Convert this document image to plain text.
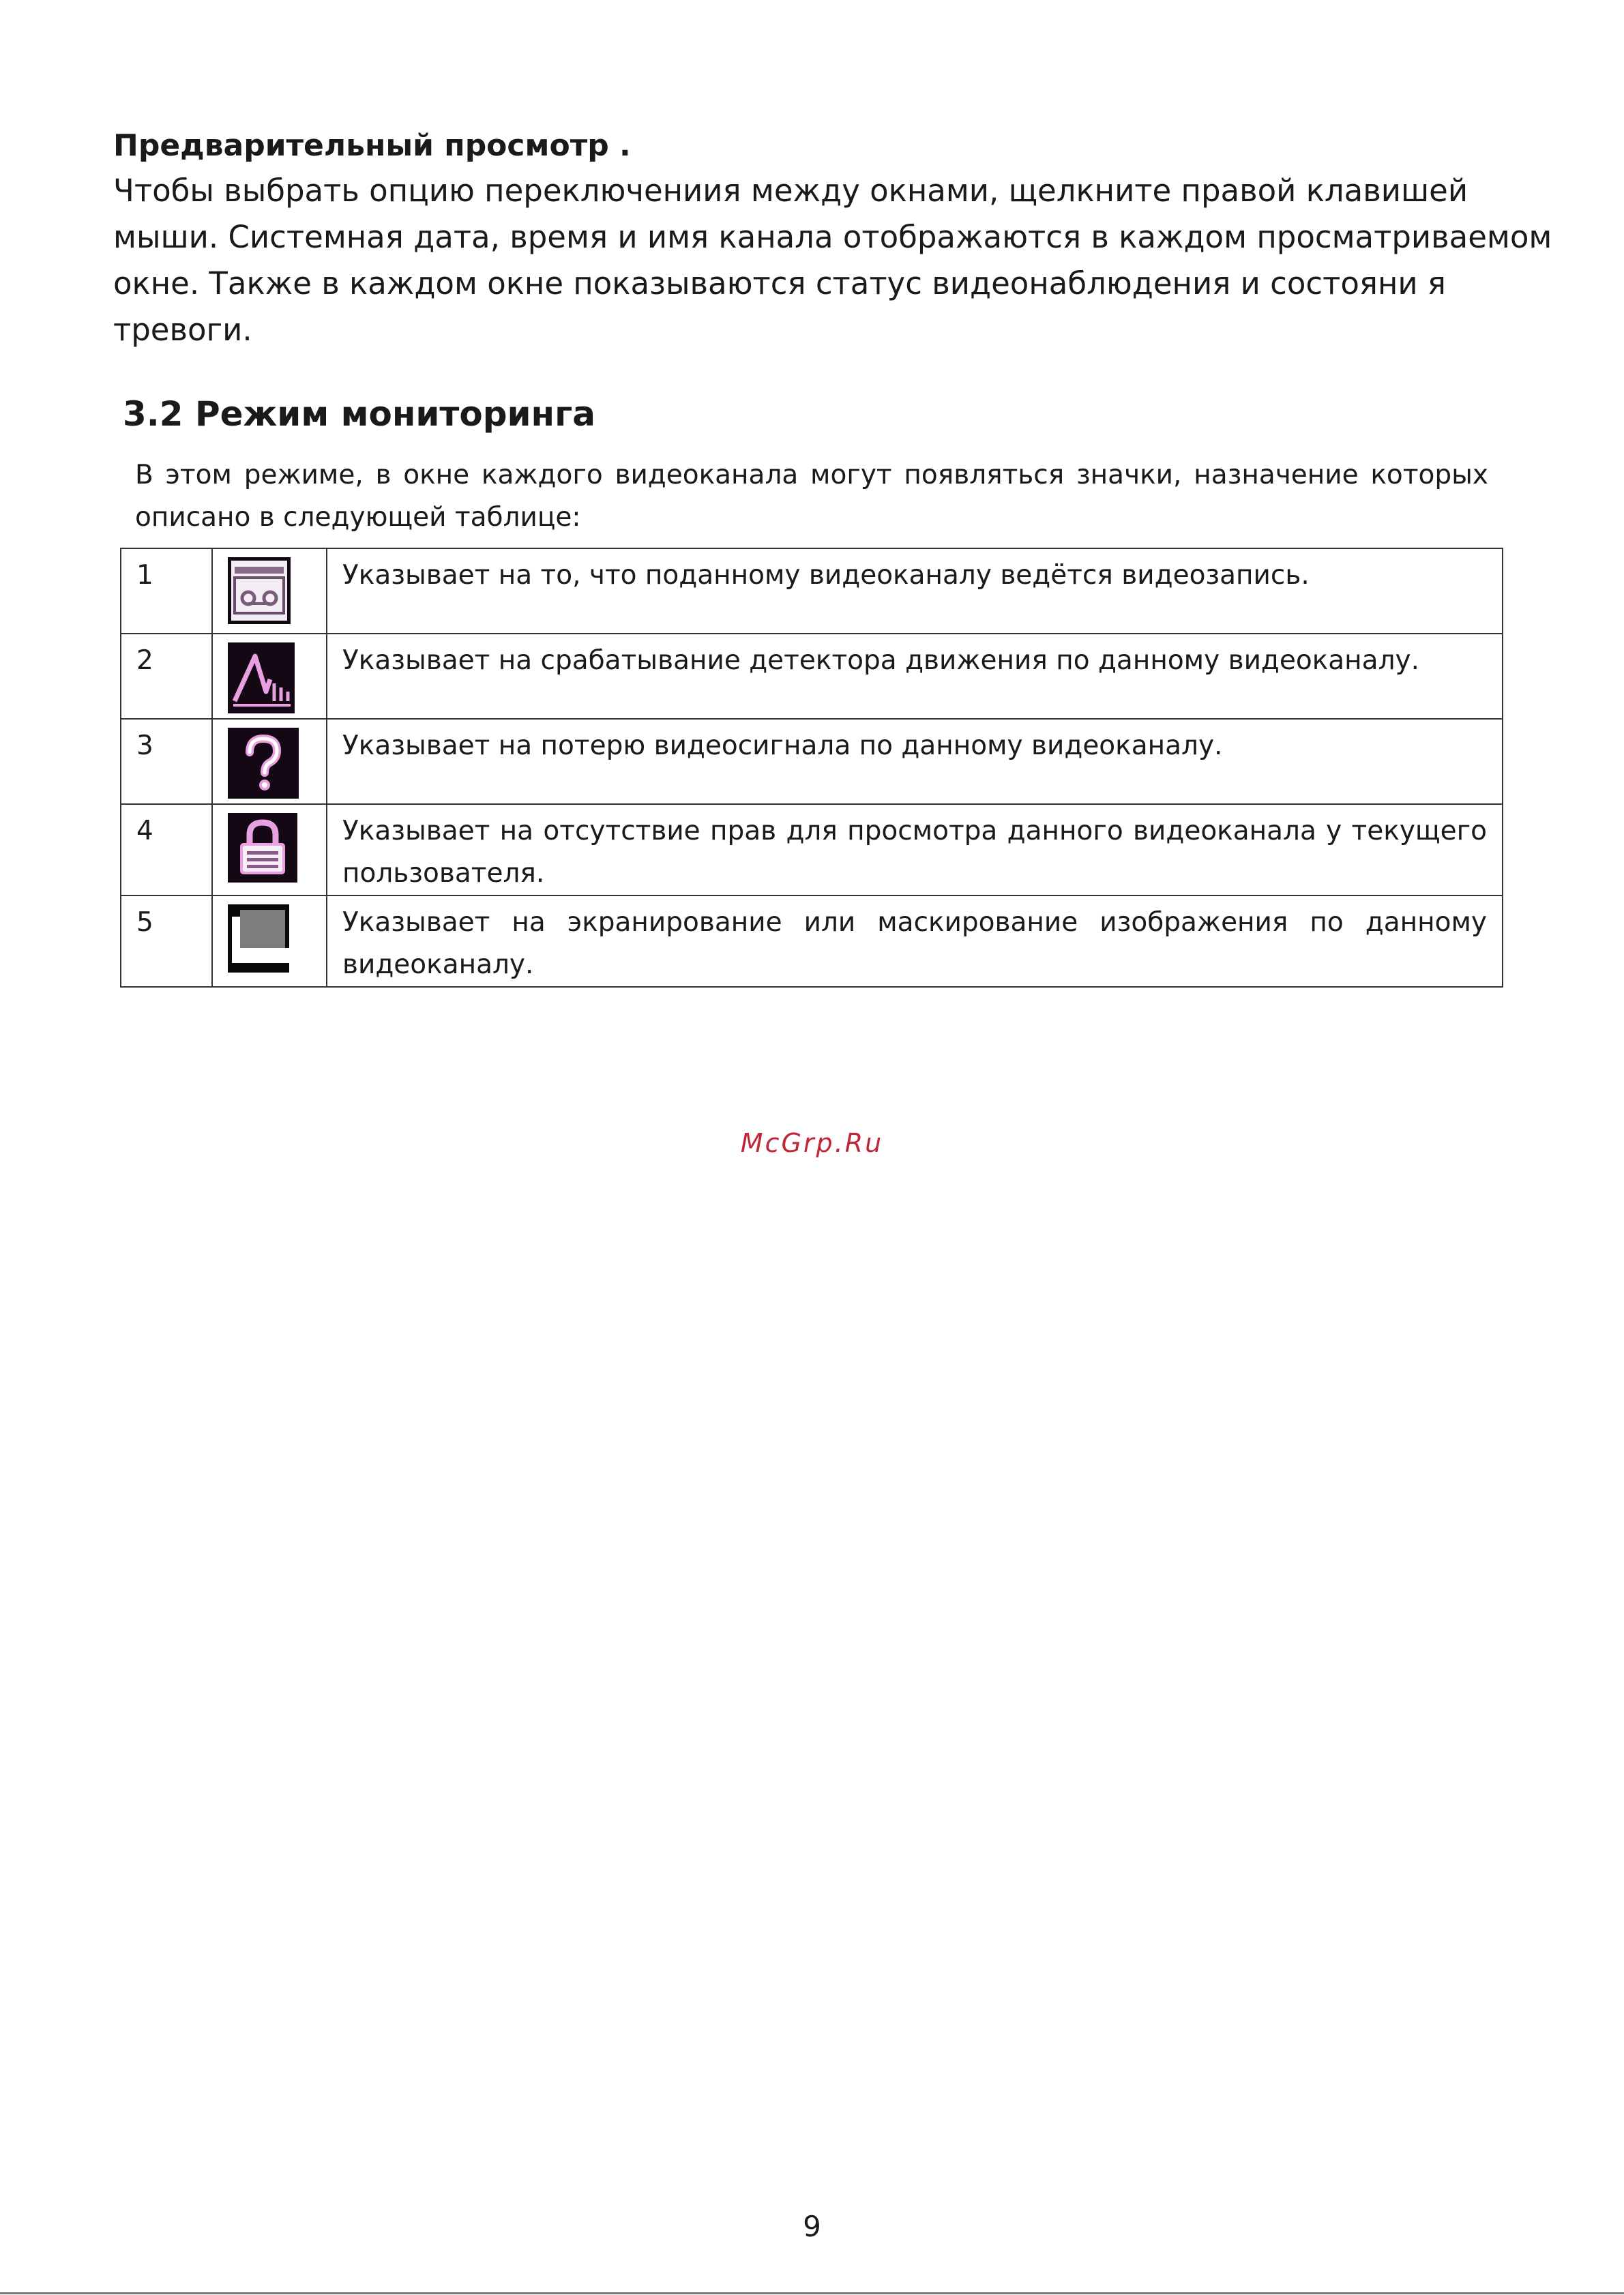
Предварительный просмотр .

Чтобы выбрать опцию переключениия между окнами, щелкните правой клавишей мыши. Системная дата, время и имя канала отображаются в каждом просматриваемом окне. Также в каждом окне показываются статус видеонаблюдения и состояни я тревоги.

3.2 Режим мониторинга

В этом режиме, в окне каждого видеоканала могут появляться значки, назначение которых описано в следующей таблице:

1		Указывает на то, что поданному видеоканалу ведётся видеозапись.

2		Указывает на срабатывание детектора движения по данному видеоканалу.

3		Указывает на потерю видеосигнала по данному видеоканалу.

4		Указывает на отсутствие прав для просмотра данного видеоканала у текущего пользователя.

5		Указывает на экранирование или маскирование изображения по данному видеоканалу.

McGrp.Ru

9
